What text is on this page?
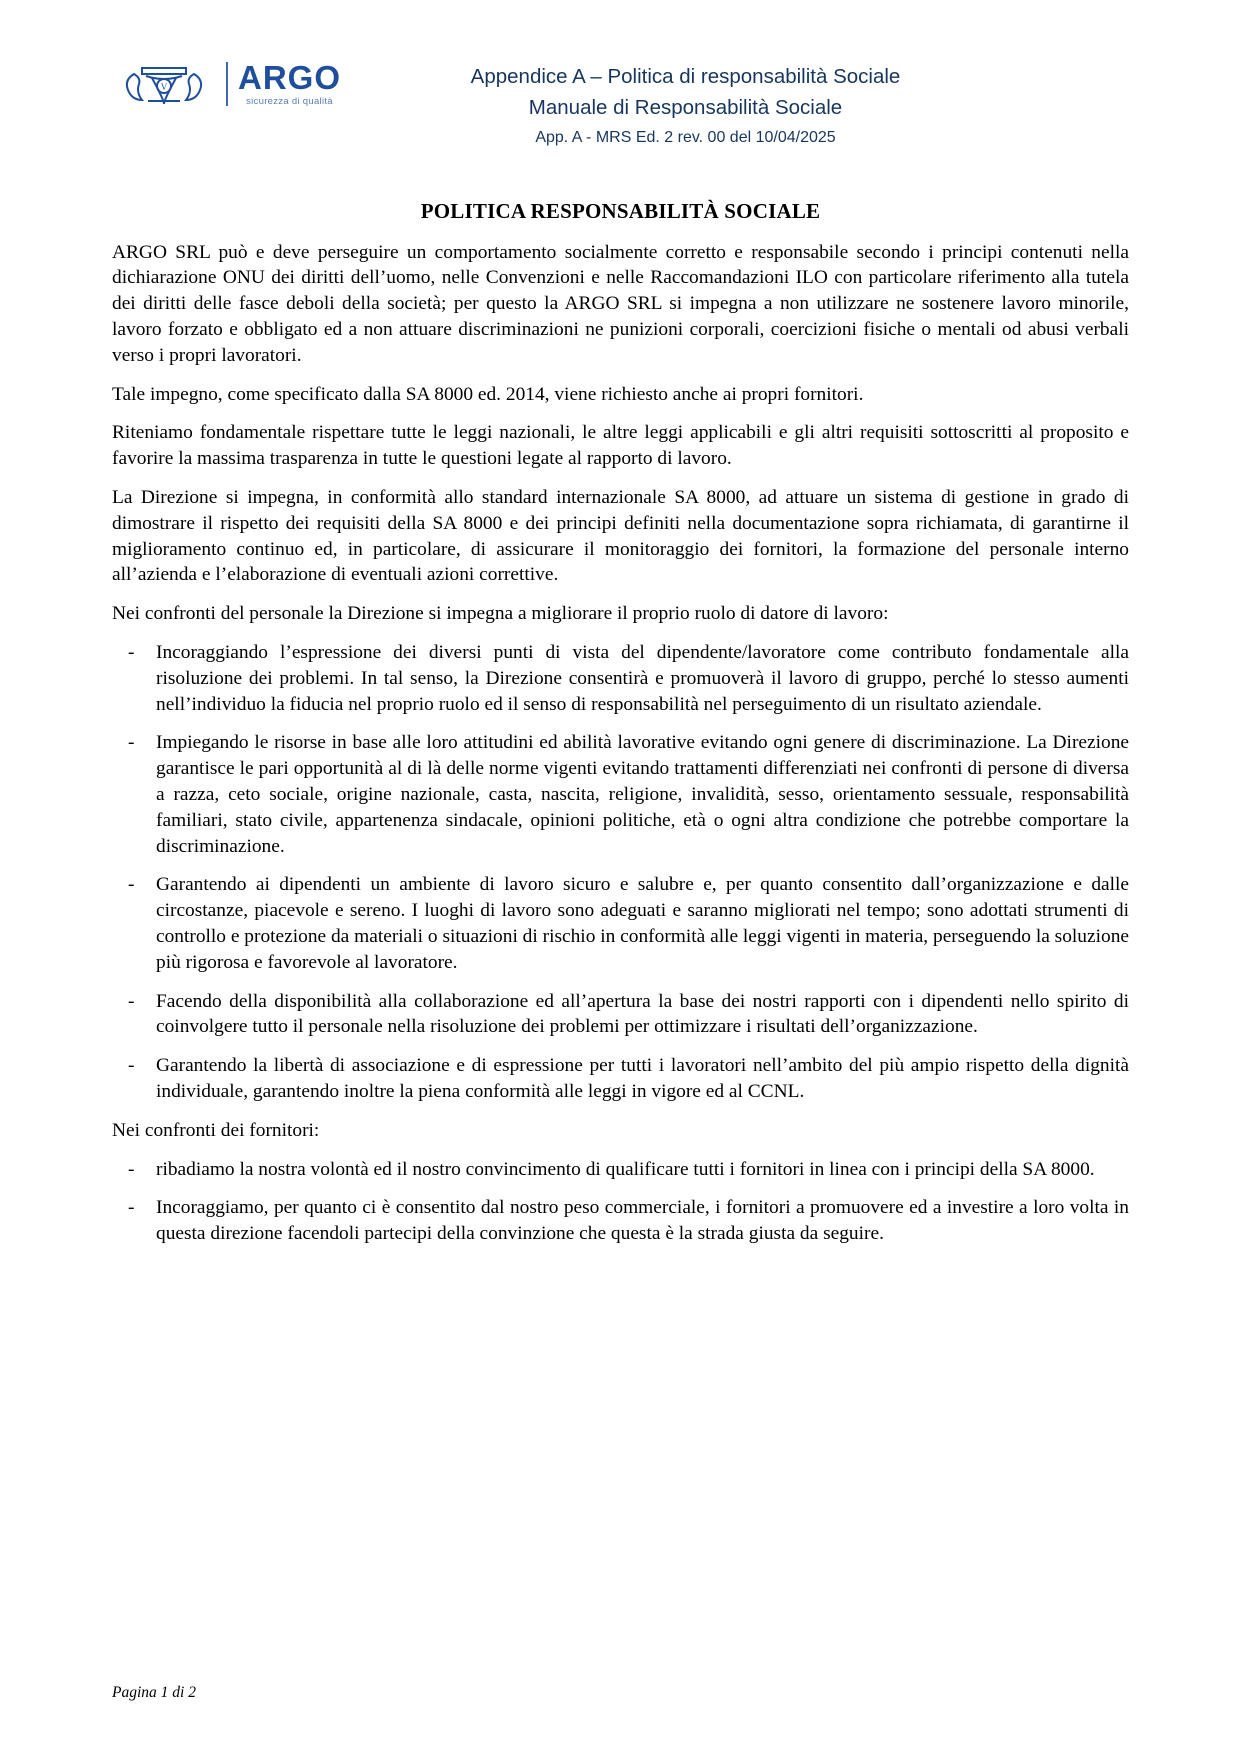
V ARGO
sicurezza di qualità
Appendice A – Politica di responsabilità Sociale
Manuale di Responsabilità Sociale
App. A - MRS Ed. 2 rev. 00 del 10/04/2025
POLITICA RESPONSABILITÀ SOCIALE

ARGO SRL può e deve perseguire un comportamento socialmente corretto e responsabile secondo i principi contenuti nella dichiarazione ONU dei diritti dell’uomo, nelle Convenzioni e nelle Raccomandazioni ILO con particolare riferimento alla tutela dei diritti delle fasce deboli della società; per questo la ARGO SRL si impegna a non utilizzare ne sostenere lavoro minorile, lavoro forzato e obbligato ed a non attuare discriminazioni ne punizioni corporali, coercizioni fisiche o mentali od abusi verbali verso i propri lavoratori.

Tale impegno, come specificato dalla SA 8000 ed. 2014, viene richiesto anche ai propri fornitori.

Riteniamo fondamentale rispettare tutte le leggi nazionali, le altre leggi applicabili e gli altri requisiti sottoscritti al proposito e favorire la massima trasparenza in tutte le questioni legate al rapporto di lavoro.

La Direzione si impegna, in conformità allo standard internazionale SA 8000, ad attuare un sistema di gestione in grado di dimostrare il rispetto dei requisiti della SA 8000 e dei principi definiti nella documentazione sopra richiamata, di garantirne il miglioramento continuo ed, in particolare, di assicurare il monitoraggio dei fornitori, la formazione del personale interno all’azienda e l’elaborazione di eventuali azioni correttive.

Nei confronti del personale la Direzione si impegna a migliorare il proprio ruolo di datore di lavoro:

- Incoraggiando l’espressione dei diversi punti di vista del dipendente/lavoratore come contributo fondamentale alla risoluzione dei problemi. In tal senso, la Direzione consentirà e promuoverà il lavoro di gruppo, perché lo stesso aumenti nell’individuo la fiducia nel proprio ruolo ed il senso di responsabilità nel perseguimento di un risultato aziendale.
- Impiegando le risorse in base alle loro attitudini ed abilità lavorative evitando ogni genere di discriminazione. La Direzione garantisce le pari opportunità al di là delle norme vigenti evitando trattamenti differenziati nei confronti di persone di diversa a razza, ceto sociale, origine nazionale, casta, nascita, religione, invalidità, sesso, orientamento sessuale, responsabilità familiari, stato civile, appartenenza sindacale, opinioni politiche, età o ogni altra condizione che potrebbe comportare la discriminazione.
- Garantendo ai dipendenti un ambiente di lavoro sicuro e salubre e, per quanto consentito dall’organizzazione e dalle circostanze, piacevole e sereno. I luoghi di lavoro sono adeguati e saranno migliorati nel tempo; sono adottati strumenti di controllo e protezione da materiali o situazioni di rischio in conformità alle leggi vigenti in materia, perseguendo la soluzione più rigorosa e favorevole al lavoratore.
- Facendo della disponibilità alla collaborazione ed all’apertura la base dei nostri rapporti con i dipendenti nello spirito di coinvolgere tutto il personale nella risoluzione dei problemi per ottimizzare i risultati dell’organizzazione.
- Garantendo la libertà di associazione e di espressione per tutti i lavoratori nell’ambito del più ampio rispetto della dignità individuale, garantendo inoltre la piena conformità alle leggi in vigore ed al CCNL.

Nei confronti dei fornitori:

- ribadiamo la nostra volontà ed il nostro convincimento di qualificare tutti i fornitori in linea con i principi della SA 8000.
- Incoraggiamo, per quanto ci è consentito dal nostro peso commerciale, i fornitori a promuovere ed a investire a loro volta in questa direzione facendoli partecipi della convinzione che questa è la strada giusta da seguire.
Pagina 1 di 2
